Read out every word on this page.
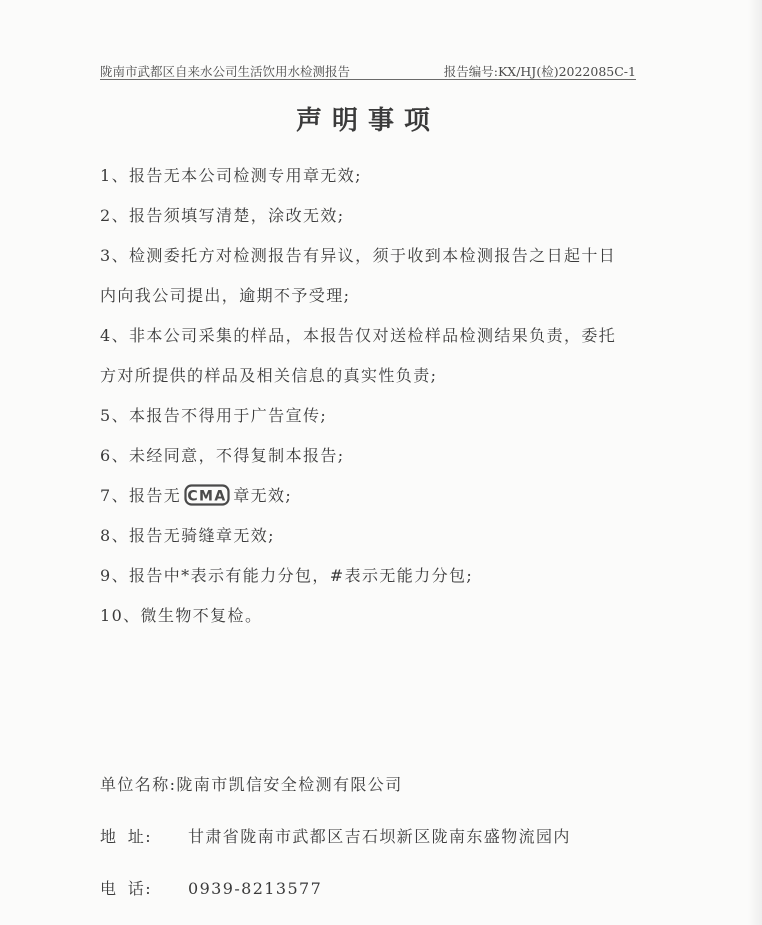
陇南市武都区自来水公司生活饮用水检测报告	报告编号:KX/HJ(检)2022085C-1
声明事项

1、报告无本公司检测专用章无效;

2、报告须填写清楚，涂改无效;

3、检测委托方对检测报告有异议，须于收到本检测报告之日起十日

内向我公司提出，逾期不予受理;

4、非本公司采集的样品，本报告仅对送检样品检测结果负责，委托

方对所提供的样品及相关信息的真实性负责;

5、本报告不得用于广告宣传;

6、未经同意，不得复制本报告;

7、报告无 CMA 章无效;

8、报告无骑缝章无效;

9、报告中*表示有能力分包，#表示无能力分包;

10、微生物不复检。

单位名称:陇南市凯信安全检测有限公司
地 址: 甘肃省陇南市武都区吉石坝新区陇南东盛物流园内
电 话: 0939-8213577
